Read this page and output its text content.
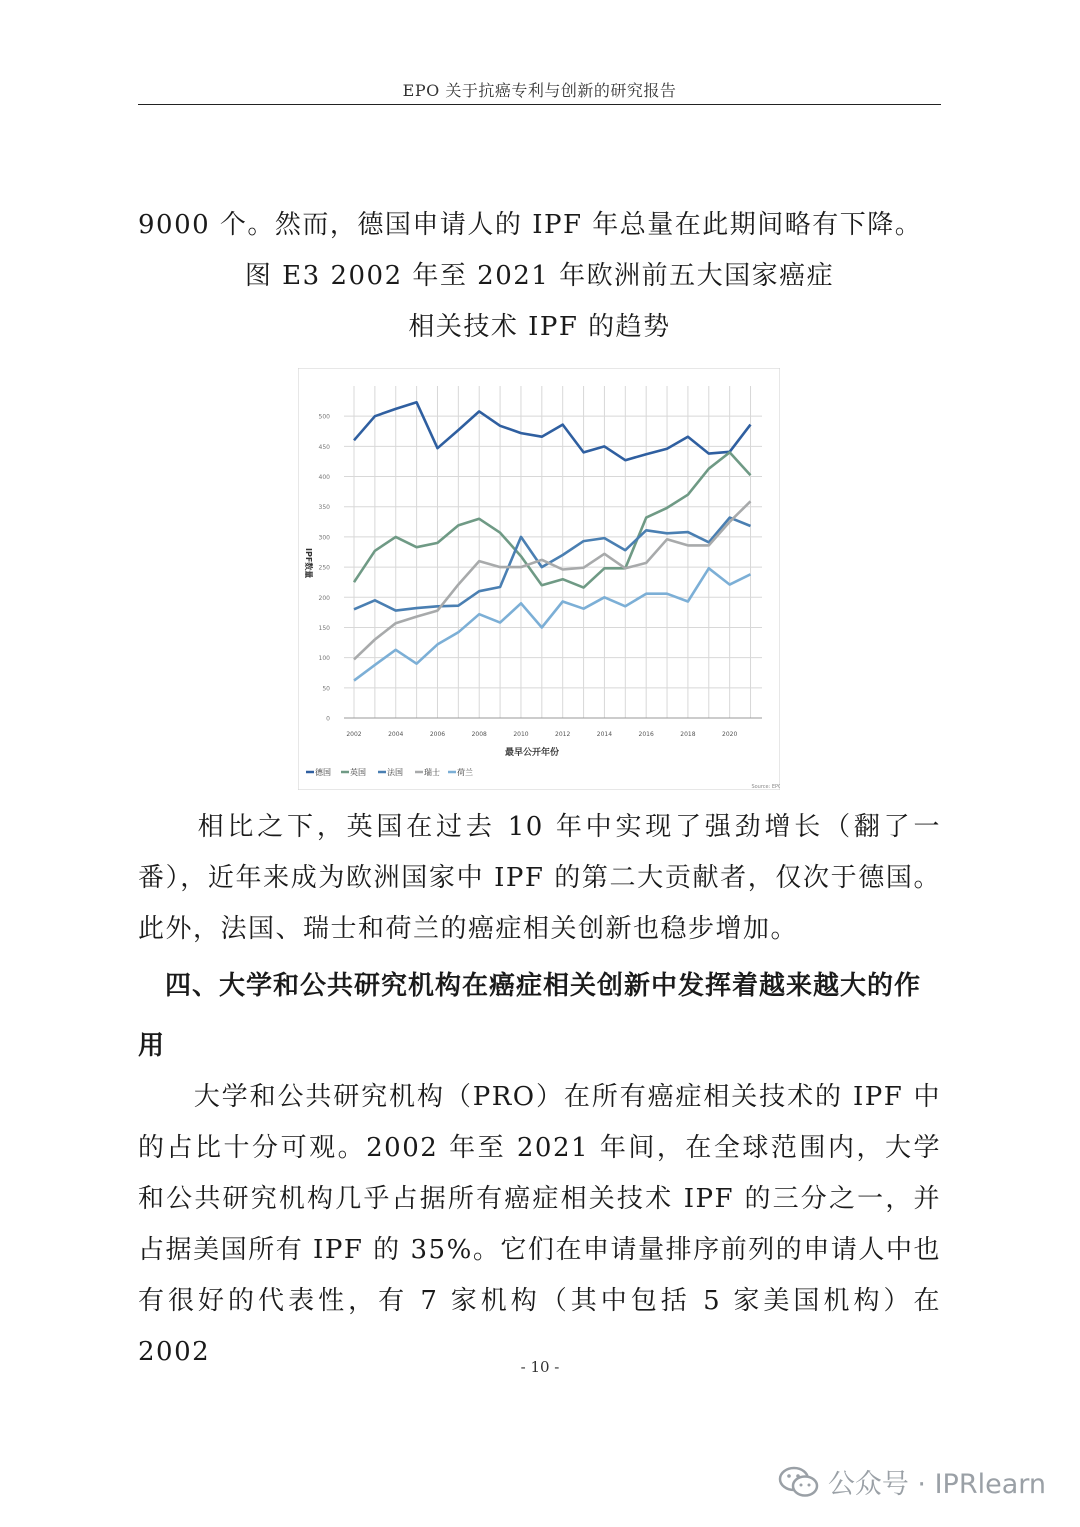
EPO 关于抗癌专利与创新的研究报告
9000 个。然而，德国申请人的 IPF 年总量在此期间略有下降。
图 E3 2002 年至 2021 年欧洲前五大国家癌症
相关技术 IPF 的趋势
0
50
100
150
200
250
300
350
400
450
500
2002	2004	2006	2008	2010	2012	2014	2016	2018	2020
IPF数量
最早公开年份
德国 英国	法国	瑞士 荷兰
Source: EPO
　　相比之下，英国在过去 10 年中实现了强劲增长（翻了一番），近年来成为欧洲国家中 IPF 的第二大贡献者，仅次于德国。此外，法国、瑞士和荷兰的癌症相关创新也稳步增加。
　四、大学和公共研究机构在癌症相关创新中发挥着越来越大的作用
　　大学和公共研究机构（PRO）在所有癌症相关技术的 IPF 中的占比十分可观。2002 年至 2021 年间，在全球范围内，大学和公共研究机构几乎占据所有癌症相关技术 IPF 的三分之一，并占据美国所有 IPF 的 35%。它们在申请量排序前列的申请人中也有很好的代表性，有 7 家机构（其中包括 5 家美国机构）在 2002	- 10 -
公众号 · IPRlearn
